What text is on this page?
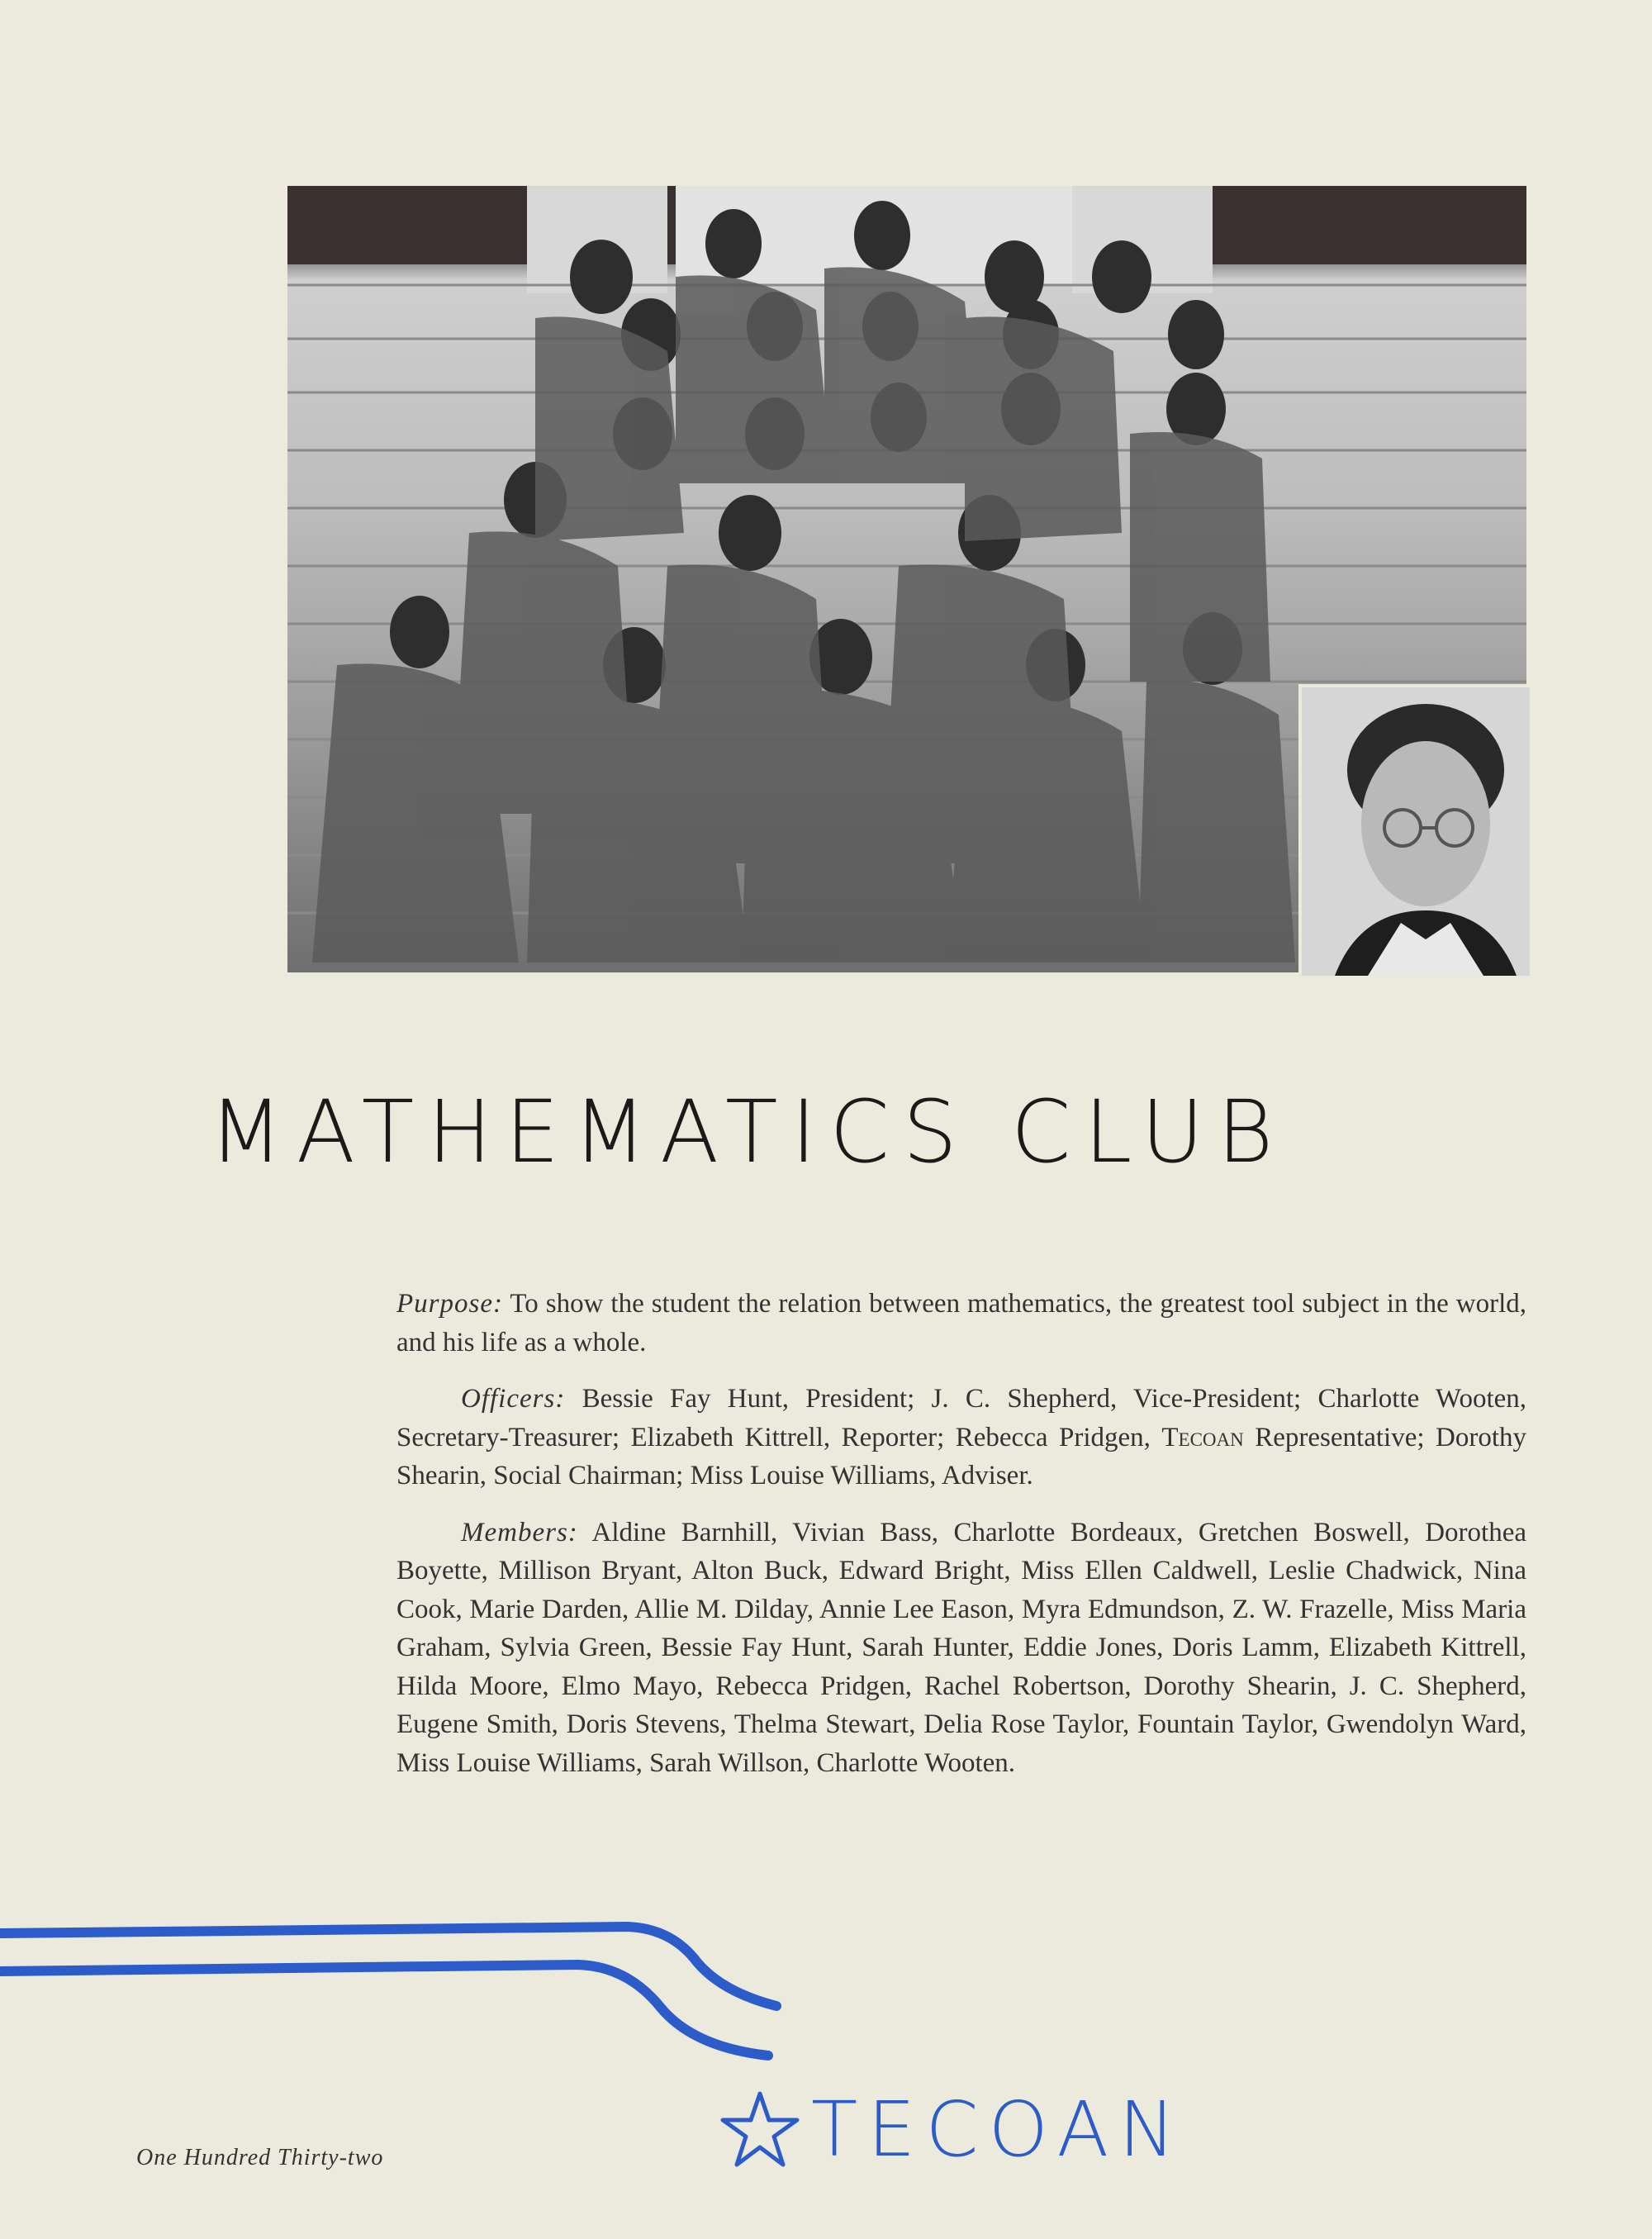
MATHEMATICS CLUB

Purpose: To show the student the relation between mathematics, the greatest tool subject in the world, and his life as a whole.

Officers: Bessie Fay Hunt, President; J. C. Shepherd, Vice-President; Charlotte Wooten, Secretary-Treasurer; Elizabeth Kittrell, Reporter; Rebecca Pridgen, Tecoan Representative; Dorothy Shearin, Social Chairman; Miss Louise Williams, Adviser.

Members: Aldine Barnhill, Vivian Bass, Charlotte Bordeaux, Gretchen Boswell, Dorothea Boyette, Millison Bryant, Alton Buck, Edward Bright, Miss Ellen Caldwell, Leslie Chadwick, Nina Cook, Marie Darden, Allie M. Dilday, Annie Lee Eason, Myra Edmundson, Z. W. Frazelle, Miss Maria Graham, Sylvia Green, Bessie Fay Hunt, Sarah Hunter, Eddie Jones, Doris Lamm, Elizabeth Kittrell, Hilda Moore, Elmo Mayo, Rebecca Pridgen, Rachel Robertson, Dorothy Shearin, J. C. Shepherd, Eugene Smith, Doris Stevens, Thelma Stewart, Delia Rose Taylor, Fountain Taylor, Gwendolyn Ward, Miss Louise Williams, Sarah Willson, Charlotte Wooten.

One Hundred Thirty-two	TECOAN
